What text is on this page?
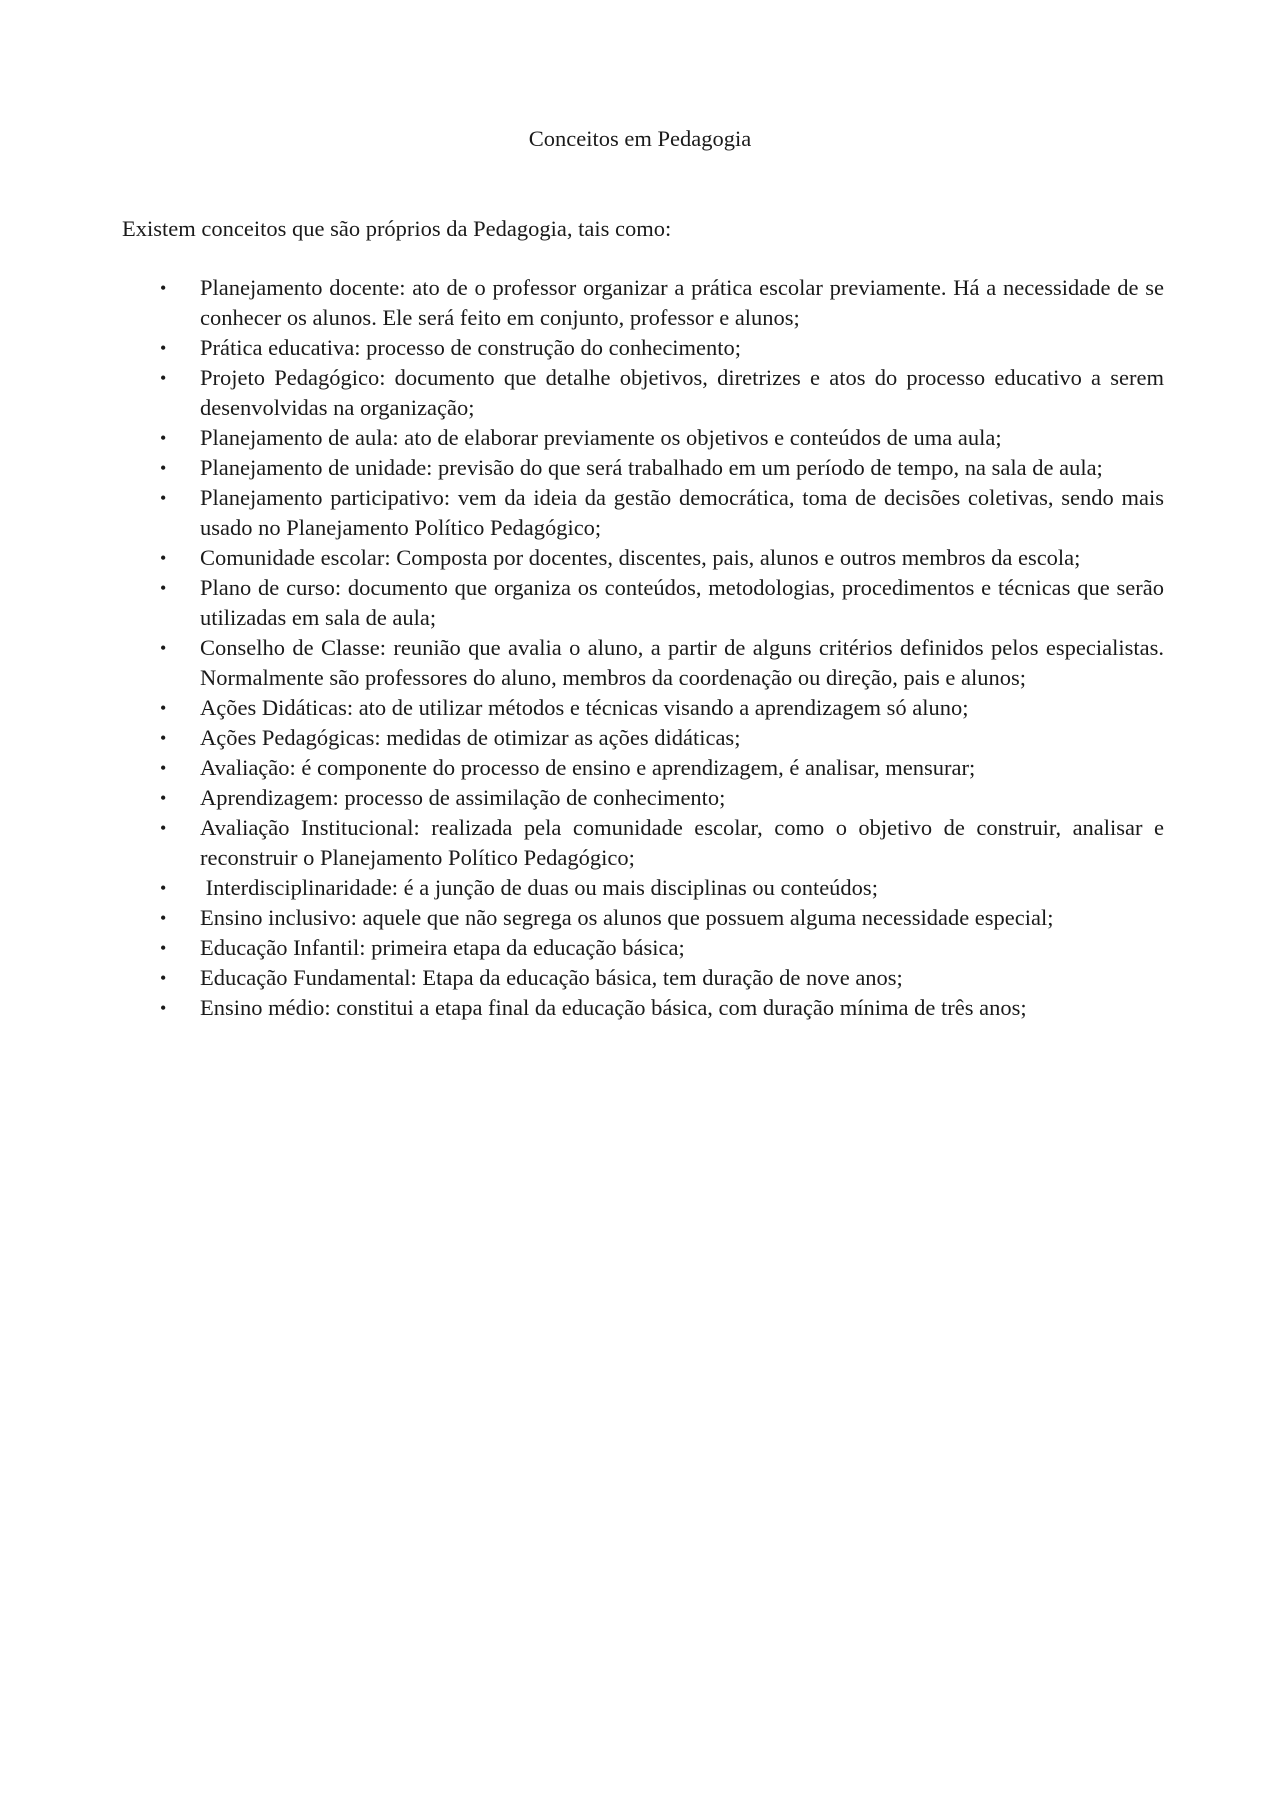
Conceitos em Pedagogia

Existem conceitos que são próprios da Pedagogia, tais como:

• Planejamento docente: ato de o professor organizar a prática escolar previamente. Há a necessidade de se conhecer os alunos. Ele será feito em conjunto, professor e alunos;
• Prática educativa: processo de construção do conhecimento;
• Projeto Pedagógico: documento que detalhe objetivos, diretrizes e atos do processo educativo a serem desenvolvidas na organização;
• Planejamento de aula: ato de elaborar previamente os objetivos e conteúdos de uma aula;
• Planejamento de unidade: previsão do que será trabalhado em um período de tempo, na sala de aula;
• Planejamento participativo: vem da ideia da gestão democrática, toma de decisões coletivas, sendo mais usado no Planejamento Político Pedagógico;
• Comunidade escolar: Composta por docentes, discentes, pais, alunos e outros membros da escola;
• Plano de curso: documento que organiza os conteúdos, metodologias, procedimentos e técnicas que serão utilizadas em sala de aula;
• Conselho de Classe: reunião que avalia o aluno, a partir de alguns critérios definidos pelos especialistas. Normalmente são professores do aluno, membros da coordenação ou direção, pais e alunos;
• Ações Didáticas: ato de utilizar métodos e técnicas visando a aprendizagem só aluno;
• Ações Pedagógicas: medidas de otimizar as ações didáticas;
• Avaliação: é componente do processo de ensino e aprendizagem, é analisar, mensurar;
• Aprendizagem: processo de assimilação de conhecimento;
• Avaliação Institucional: realizada pela comunidade escolar, como o objetivo de construir, analisar e reconstruir o Planejamento Político Pedagógico;
• Interdisciplinaridade: é a junção de duas ou mais disciplinas ou conteúdos;
• Ensino inclusivo: aquele que não segrega os alunos que possuem alguma necessidade especial;
• Educação Infantil: primeira etapa da educação básica;
• Educação Fundamental: Etapa da educação básica, tem duração de nove anos;
• Ensino médio: constitui a etapa final da educação básica, com duração mínima de três anos;
